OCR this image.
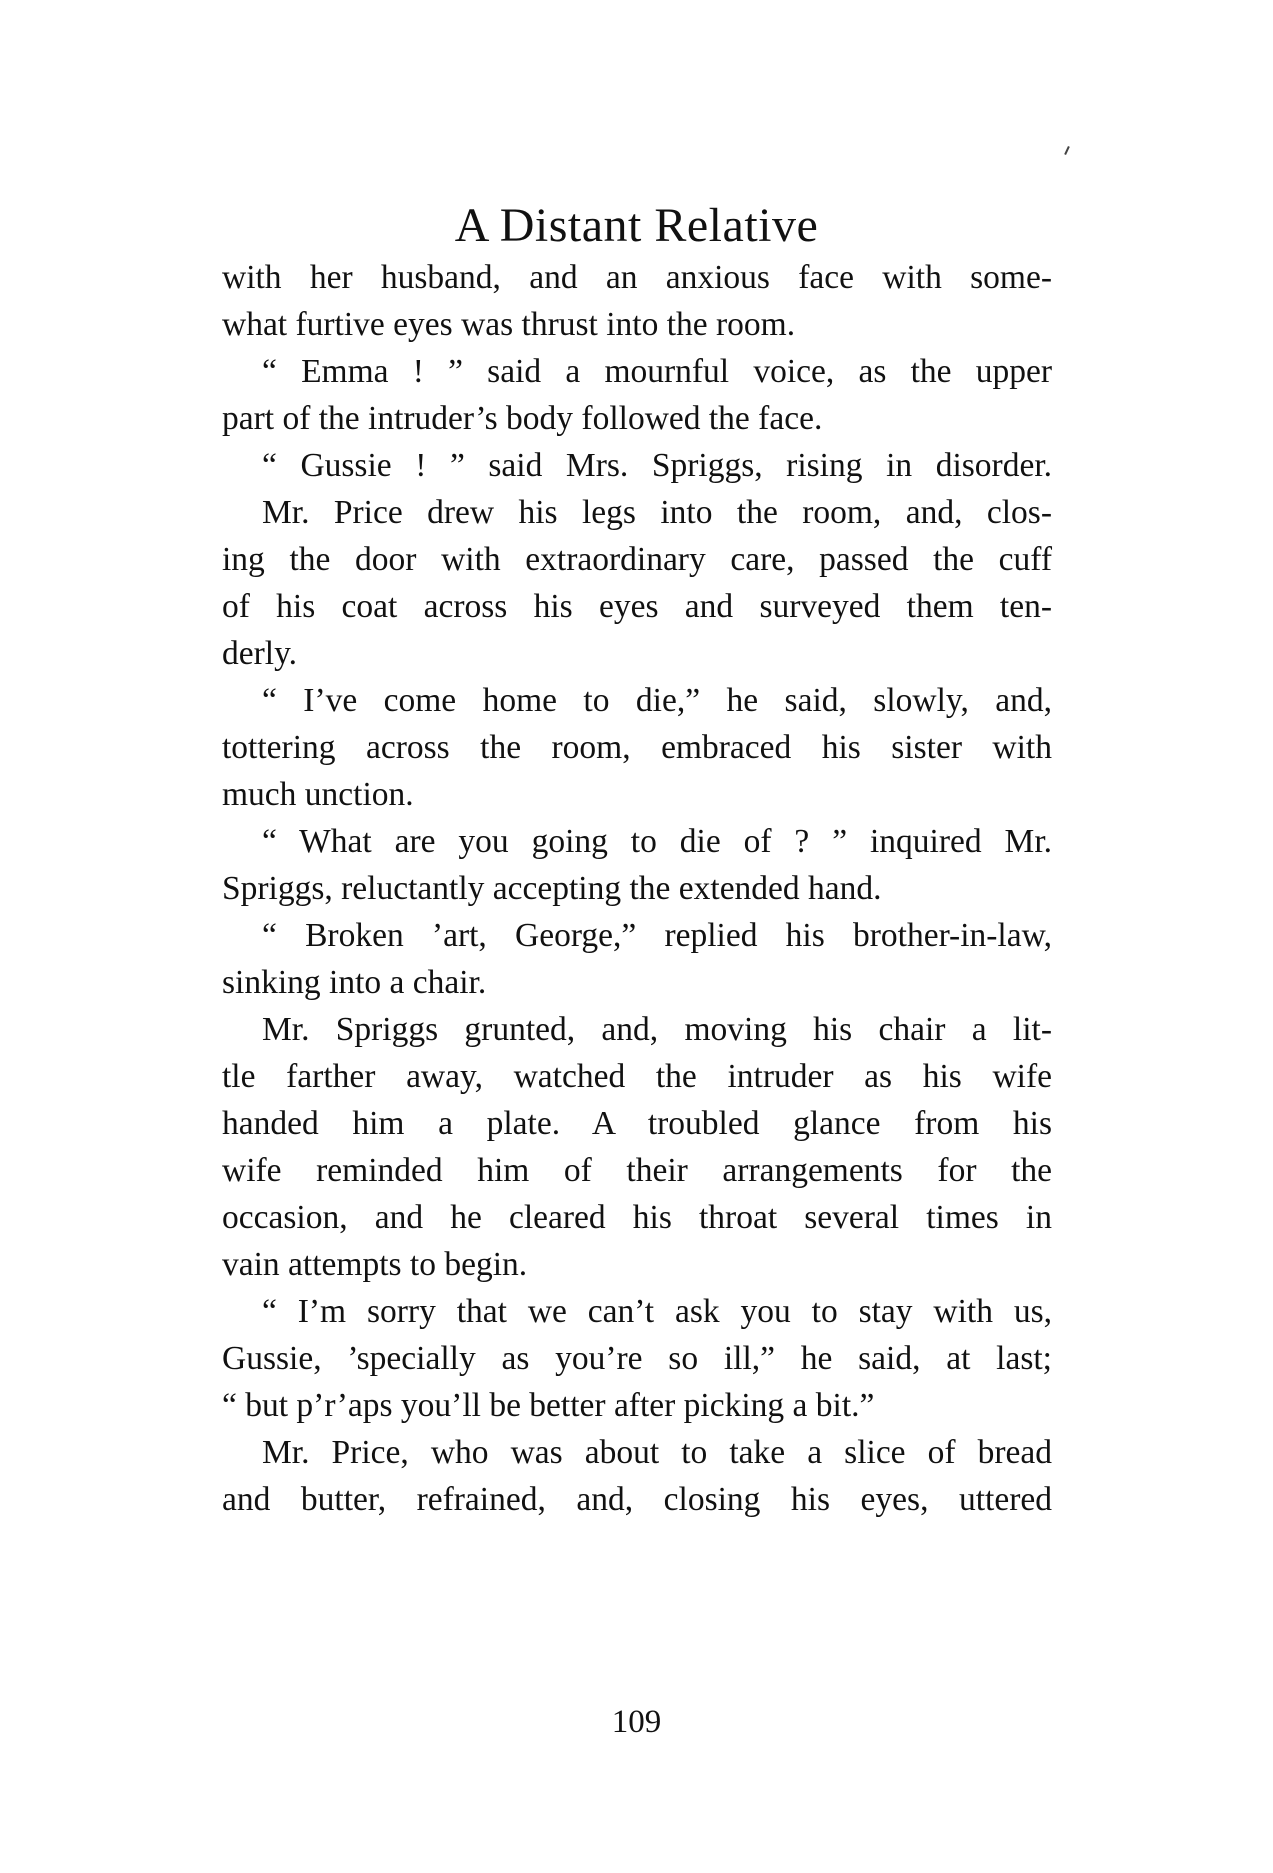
A Distant Relative
with her husband, and an anxious face with some-
what furtive eyes was thrust into the room.
“ Emma ! ” said a mournful voice, as the upper
part of the intruder’s body followed the face.
“ Gussie ! ” said Mrs. Spriggs, rising in disorder.
Mr. Price drew his legs into the room, and, clos-
ing the door with extraordinary care, passed the cuff
of his coat across his eyes and surveyed them ten-
derly.
“ I’ve come home to die,” he said, slowly, and,
tottering across the room, embraced his sister with
much unction.
“ What are you going to die of ? ” inquired Mr.
Spriggs, reluctantly accepting the extended hand.
“ Broken ’art, George,” replied his brother-in-law,
sinking into a chair.
Mr. Spriggs grunted, and, moving his chair a lit-
tle farther away, watched the intruder as his wife
handed him a plate. A troubled glance from his
wife reminded him of their arrangements for the
occasion, and he cleared his throat several times in
vain attempts to begin.
“ I’m sorry that we can’t ask you to stay with us,
Gussie, ’specially as you’re so ill,” he said, at last;
“ but p’r’aps you’ll be better after picking a bit.”
Mr. Price, who was about to take a slice of bread
and butter, refrained, and, closing his eyes, uttered
109
